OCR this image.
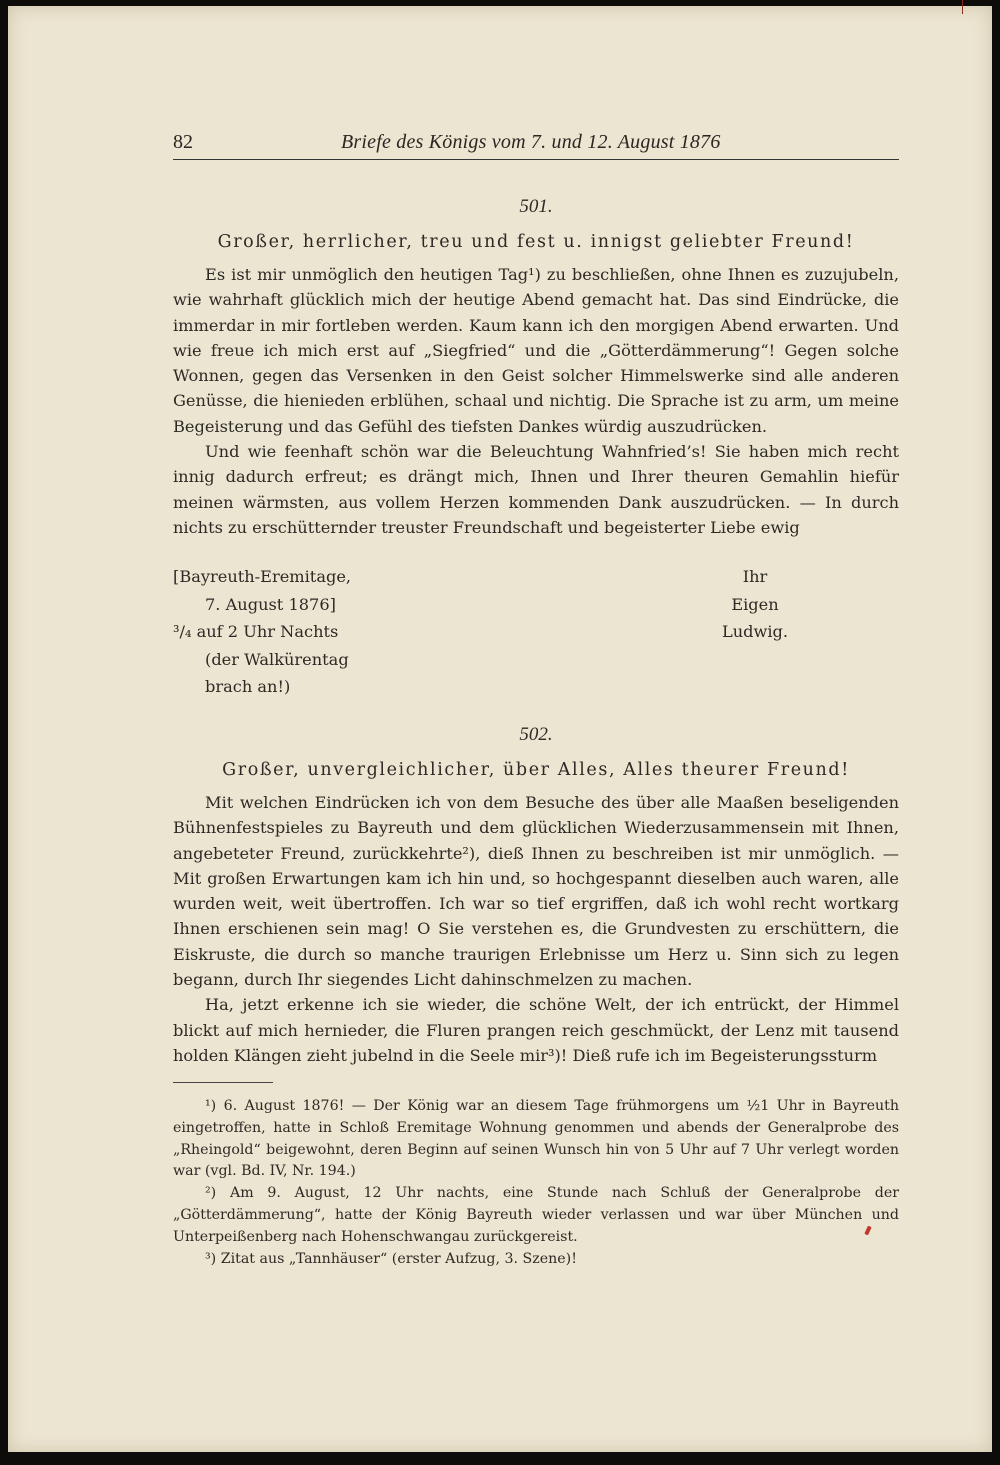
82	Briefe des Königs vom 7. und 12. August 1876
501.
Großer, herrlicher, treu und fest u. innigst geliebter Freund!

Es ist mir unmöglich den heutigen Tag¹) zu beschließen, ohne Ihnen es zuzujubeln, wie wahrhaft glücklich mich der heutige Abend gemacht hat. Das sind Eindrücke, die immerdar in mir fortleben werden. Kaum kann ich den morgigen Abend erwarten. Und wie freue ich mich erst auf „Siegfried“ und die „Götterdämmerung“! Gegen solche Wonnen, gegen das Versenken in den Geist solcher Himmelswerke sind alle anderen Genüsse, die hienieden erblühen, schaal und nichtig. Die Sprache ist zu arm, um meine Begeisterung und das Gefühl des tiefsten Dankes würdig auszudrücken.

Und wie feenhaft schön war die Beleuchtung Wahnfried’s! Sie haben mich recht innig dadurch erfreut; es drängt mich, Ihnen und Ihrer theuren Gemahlin hiefür meinen wärmsten, aus vollem Herzen kommenden Dank auszudrücken. — In durch nichts zu erschütternder treuster Freundschaft und begeisterter Liebe ewig

[Bayreuth-Eremitage,
7. August 1876]
³/₄ auf 2 Uhr Nachts
(der Walkürentag
brach an!)
Ihr
Eigen
Ludwig.
502.
Großer, unvergleichlicher, über Alles, Alles theurer Freund!

Mit welchen Eindrücken ich von dem Besuche des über alle Maaßen beseligenden Bühnenfestspieles zu Bayreuth und dem glücklichen Wiederzusammensein mit Ihnen, angebeteter Freund, zurückkehrte²), dieß Ihnen zu beschreiben ist mir unmöglich. — Mit großen Erwartungen kam ich hin und, so hochgespannt dieselben auch waren, alle wurden weit, weit übertroffen. Ich war so tief ergriffen, daß ich wohl recht wortkarg Ihnen erschienen sein mag! O Sie verstehen es, die Grundvesten zu erschüttern, die Eiskruste, die durch so manche traurigen Erlebnisse um Herz u. Sinn sich zu legen begann, durch Ihr siegendes Licht dahinschmelzen zu machen.

Ha, jetzt erkenne ich sie wieder, die schöne Welt, der ich entrückt, der Himmel blickt auf mich hernieder, die Fluren prangen reich geschmückt, der Lenz mit tausend holden Klängen zieht jubelnd in die Seele mir³)! Dieß rufe ich im Begeisterungssturm

¹) 6. August 1876! — Der König war an diesem Tage frühmorgens um ½1 Uhr in Bayreuth eingetroffen, hatte in Schloß Eremitage Wohnung genommen und abends der Generalprobe des „Rheingold“ beigewohnt, deren Beginn auf seinen Wunsch hin von 5 Uhr auf 7 Uhr verlegt worden war (vgl. Bd. IV, Nr. 194.)

²) Am 9. August, 12 Uhr nachts, eine Stunde nach Schluß der Generalprobe der „Götterdämmerung“, hatte der König Bayreuth wieder verlassen und war über München und Unterpeißenberg nach Hohenschwangau zurückgereist.

³) Zitat aus „Tannhäuser“ (erster Aufzug, 3. Szene)!
